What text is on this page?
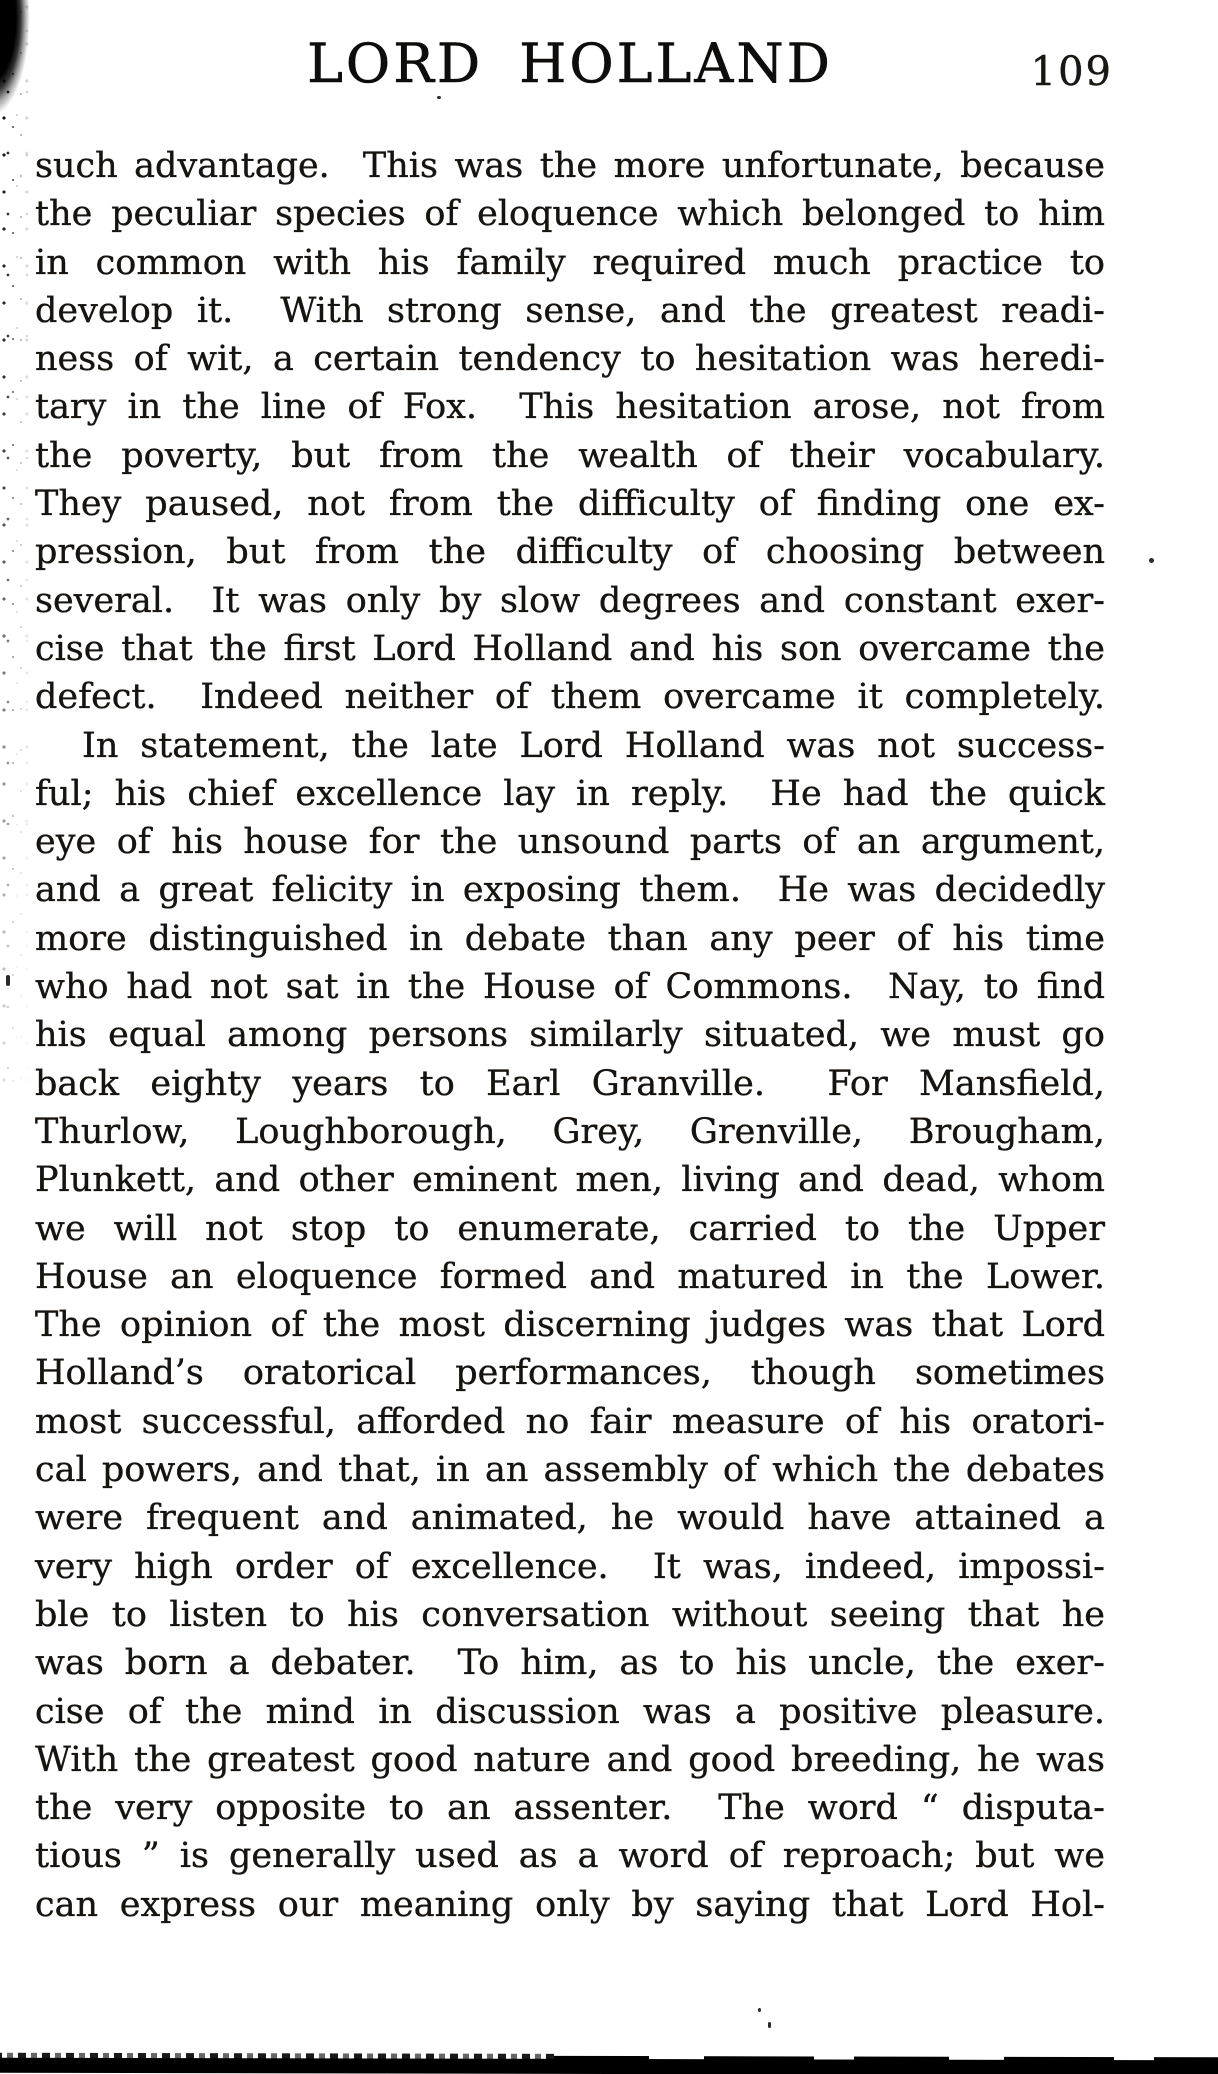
LORD HOLLAND	109
such advantage.  This was the more unfortunate, because
the peculiar species of eloquence which belonged to him
in common with his family required much practice to
develop it.  With strong sense, and the greatest readi-
ness of wit, a certain tendency to hesitation was heredi-
tary in the line of Fox.  This hesitation arose, not from
the poverty, but from the wealth of their vocabulary.
They paused, not from the difficulty of finding one ex-
pression, but from the difficulty of choosing between
several.  It was only by slow degrees and constant exer-
cise that the first Lord Holland and his son overcame the
defect.  Indeed neither of them overcame it completely.
In statement, the late Lord Holland was not success-
ful; his chief excellence lay in reply.  He had the quick
eye of his house for the unsound parts of an argument,
and a great felicity in exposing them.  He was decidedly
more distinguished in debate than any peer of his time
who had not sat in the House of Commons.  Nay, to find
his equal among persons similarly situated, we must go
back eighty years to Earl Granville.  For Mansfield,
Thurlow, Loughborough, Grey, Grenville, Brougham,
Plunkett, and other eminent men, living and dead, whom
we will not stop to enumerate, carried to the Upper
House an eloquence formed and matured in the Lower.
The opinion of the most discerning judges was that Lord
Holland’s oratorical performances, though sometimes
most successful, afforded no fair measure of his oratori-
cal powers, and that, in an assembly of which the debates
were frequent and animated, he would have attained a
very high order of excellence.  It was, indeed, impossi-
ble to listen to his conversation without seeing that he
was born a debater.  To him, as to his uncle, the exer-
cise of the mind in discussion was a positive pleasure.
With the greatest good nature and good breeding, he was
the very opposite to an assenter.  The word “ disputa-
tious ” is generally used as a word of reproach; but we
can express our meaning only by saying that Lord Hol-
